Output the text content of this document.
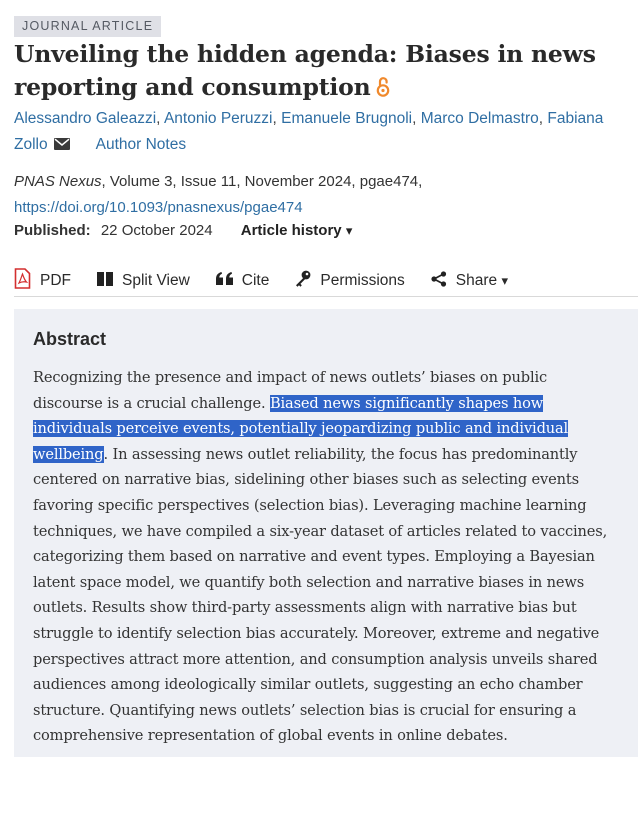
JOURNAL ARTICLE
Unveiling the hidden agenda: Biases in news reporting and consumption
Alessandro Galeazzi, Antonio Peruzzi, Emanuele Brugnoli, Marco Delmastro, Fabiana Zollo	Author Notes
PNAS Nexus, Volume 3, Issue 11, November 2024, pgae474,
https://doi.org/10.1093/pnasnexus/pgae474
Published: 22 October 2024 Article history ▾
PDF	Split View	Cite	Permissions	Share
▾
Abstract

Recognizing the presence and impact of news outlets’ biases on public discourse is a crucial challenge. Biased news significantly shapes how individuals perceive events, potentially jeopardizing public and individual wellbeing. In assessing news outlet reliability, the focus has predominantly centered on narrative bias, sidelining other biases such as selecting events favoring specific perspectives (selection bias). Leveraging machine learning techniques, we have compiled a six-year dataset of articles related to vaccines, categorizing them based on narrative and event types. Employing a Bayesian latent space model, we quantify both selection and narrative biases in news outlets. Results show third-party assessments align with narrative bias but struggle to identify selection bias accurately. Moreover, extreme and negative perspectives attract more attention, and consumption analysis unveils shared audiences among ideologically similar outlets, suggesting an echo chamber structure. Quantifying news outlets’ selection bias is crucial for ensuring a comprehensive representation of global events in online debates.
